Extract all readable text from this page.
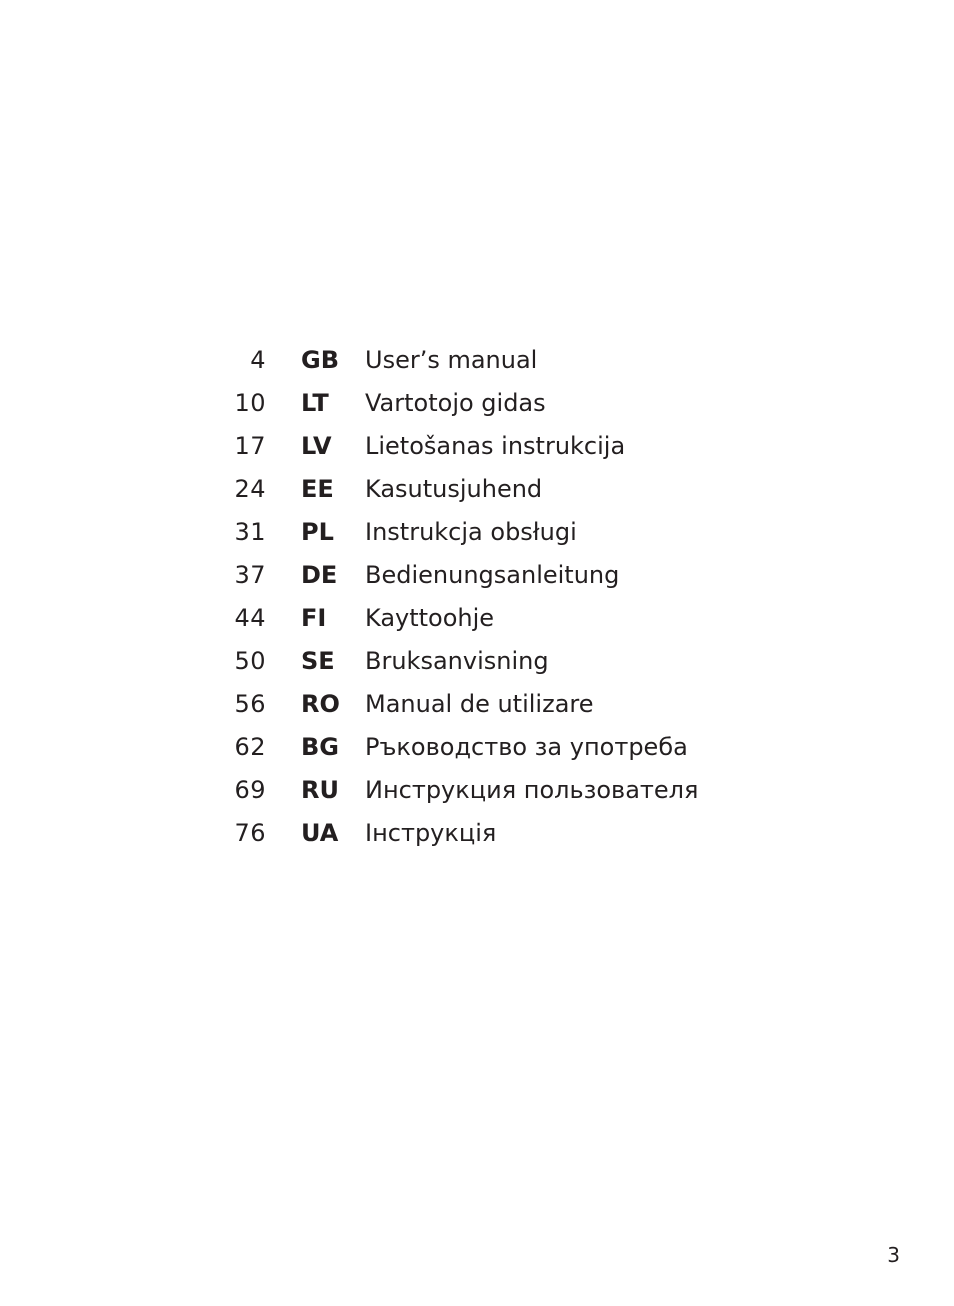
4 GB	User’s manual
10 LT	Vartotojo gidas
17 LV	Lietošanas instrukcija
24 EE	Kasutusjuhend
31 PL	Instrukcja obsługi
37 DE	Bedienungsanleitung
44 FI	Kayttoohje
50 SE	Bruksanvisning
56 RO	Manual de utilizare
62 BG	Ръководство за употреба
69 RU	Инструкция пользователя
76 UA	Інструкція
3
